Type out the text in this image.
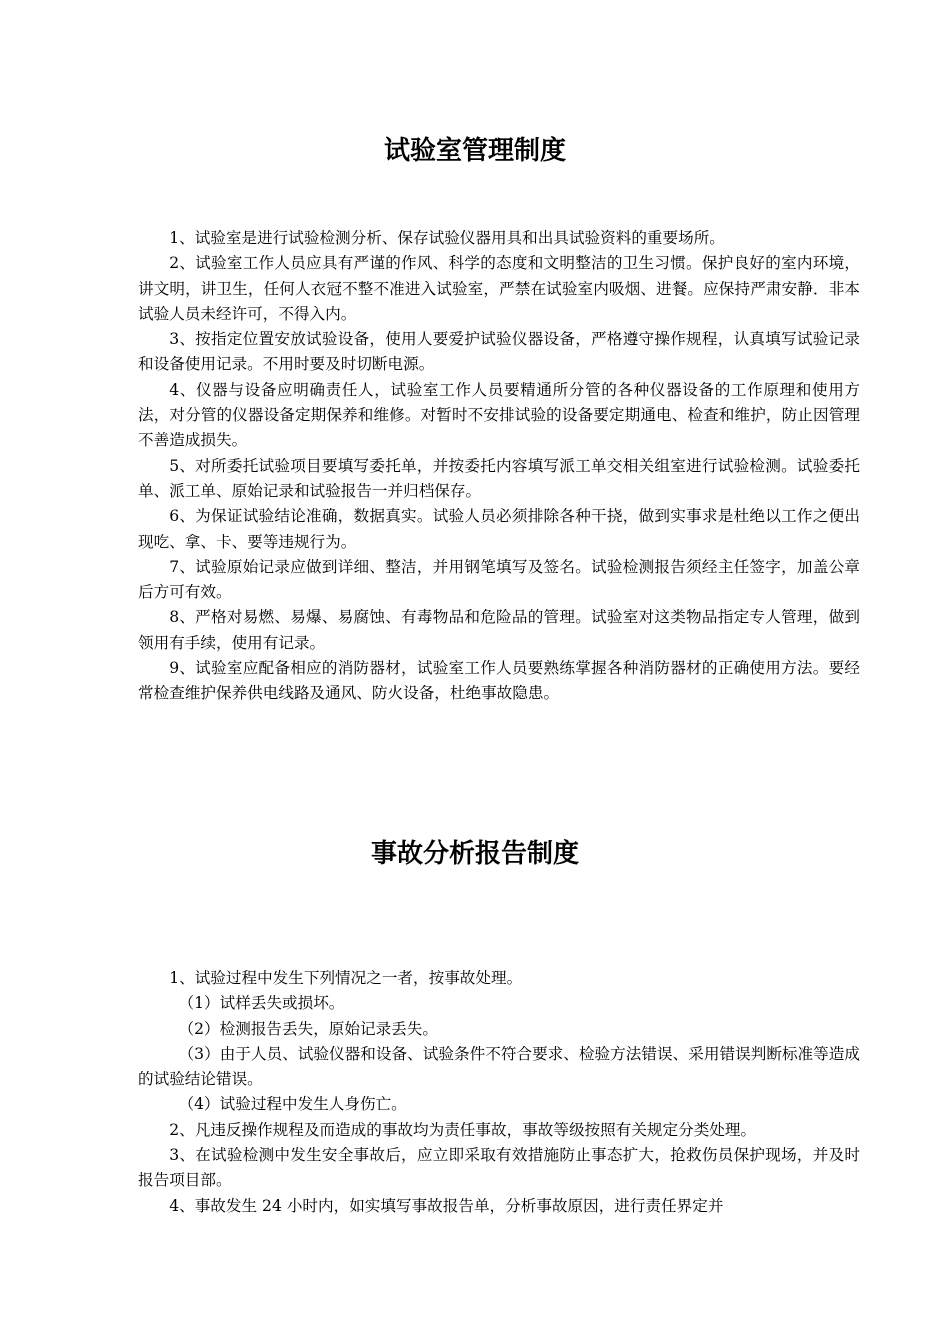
试验室管理制度

1、试验室是进行试验检测分析、保存试验仪器用具和出具试验资料的重要场所。

2、试验室工作人员应具有严谨的作风、科学的态度和文明整洁的卫生习惯。保护良好的室内环境，讲文明，讲卫生，任何人衣冠不整不准进入试验室，严禁在试验室内吸烟、进餐。应保持严肃安静．非本试验人员未经许可，不得入内。

3、按指定位置安放试验设备，使用人要爱护试验仪器设备，严格遵守操作规程，认真填写试验记录和设备使用记录。不用时要及时切断电源。

4、仪器与设备应明确责任人，试验室工作人员要精通所分管的各种仪器设备的工作原理和使用方法，对分管的仪器设备定期保养和维修。对暂时不安排试验的设备要定期通电、检查和维护，防止因管理不善造成损失。

5、对所委托试验项目要填写委托单，并按委托内容填写派工单交相关组室进行试验检测。试验委托单、派工单、原始记录和试验报告一并归档保存。

6、为保证试验结论准确，数据真实。试验人员必须排除各种干挠，做到实事求是杜绝以工作之便出现吃、拿、卡、要等违规行为。

7、试验原始记录应做到详细、整洁，并用钢笔填写及签名。试验检测报告须经主任签字，加盖公章后方可有效。

8、严格对易燃、易爆、易腐蚀、有毒物品和危险品的管理。试验室对这类物品指定专人管理，做到领用有手续，使用有记录。

9、试验室应配备相应的消防器材，试验室工作人员要熟练掌握各种消防器材的正确使用方法。要经常检查维护保养供电线路及通风、防火设备，杜绝事故隐患。

事故分析报告制度

1、试验过程中发生下列情况之一者，按事故处理。

（1）试样丢失或损坏。

（2）检测报告丢失，原始记录丢失。

（3）由于人员、试验仪器和设备、试验条件不符合要求、检验方法错误、采用错误判断标准等造成的试验结论错误。

（4）试验过程中发生人身伤亡。

2、凡违反操作规程及而造成的事故均为责任事故，事故等级按照有关规定分类处理。

3、在试验检测中发生安全事故后，应立即采取有效措施防止事态扩大，抢救伤员保护现场，并及时报告项目部。

4、事故发生 24 小时内，如实填写事故报告单，分析事故原因，进行责任界定并
